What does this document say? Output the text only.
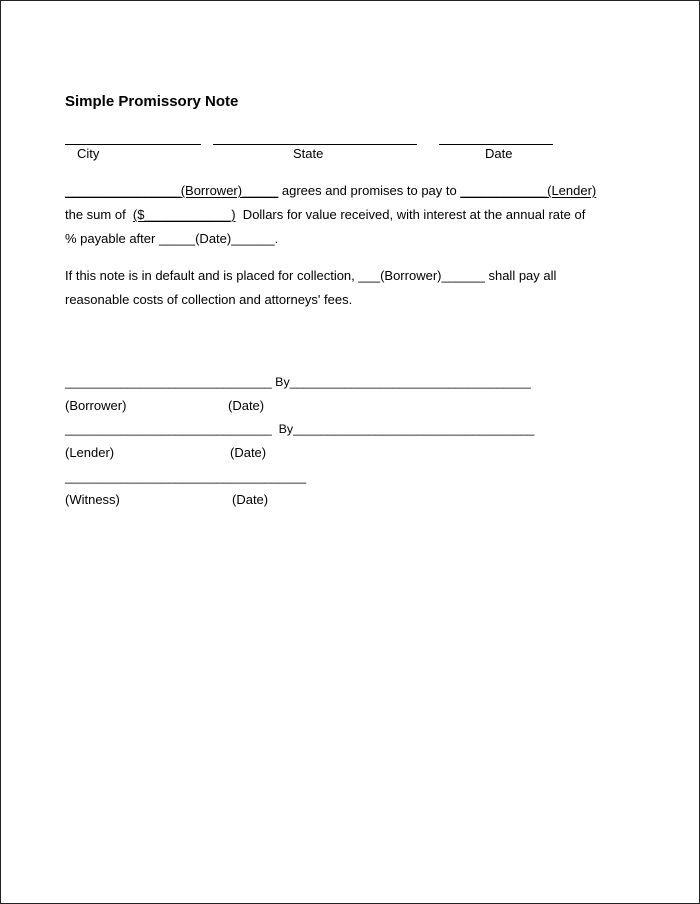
Simple Promissory Note
City	State	Date
________________(Borrower)_____ agrees and promises to pay to ____________(Lender)
the sum of  ($____________)  Dollars for value received, with interest at the annual rate of
% payable after _____(Date)______.
If this note is in default and is placed for collection, ___(Borrower)______ shall pay all
reasonable costs of collection and attorneys' fees.
______________________________ By___________________________________
(Borrower)	(Date)
______________________________  By___________________________________
(Lender)	(Date)
___________________________________
(Witness)	(Date)
